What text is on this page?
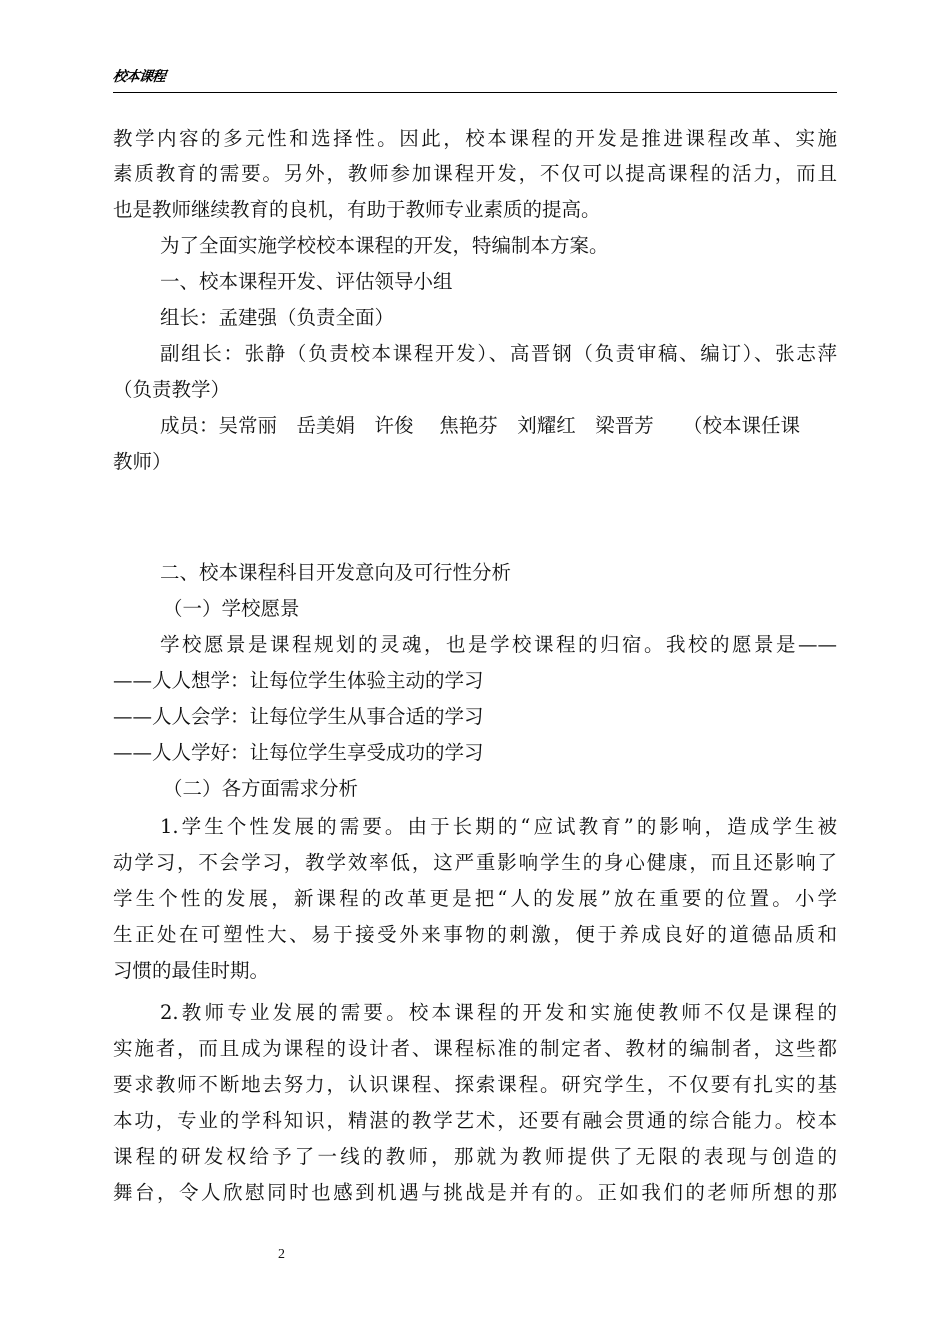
校本课程
教学内容的多元性和选择性。因此，校本课程的开发是推进课程改革、实施
素质教育的需要。另外，教师参加课程开发，不仅可以提高课程的活力，而且
也是教师继续教育的良机，有助于教师专业素质的提高。
为了全面实施学校校本课程的开发，特编制本方案。
一、校本课程开发、评估领导小组
组长：孟建强（负责全面）
副组长：张静（负责校本课程开发）、高晋钢（负责审稿、编订）、张志萍
（负责教学）
成员：吴常丽　岳美娟　许俊　 焦艳芬　刘耀红　梁晋芳　　（校本课任课
教师）
二、校本课程科目开发意向及可行性分析
（一）学校愿景
学校愿景是课程规划的灵魂，也是学校课程的归宿。我校的愿景是——
——人人想学：让每位学生体验主动的学习
——人人会学：让每位学生从事合适的学习
——人人学好：让每位学生享受成功的学习
（二）各方面需求分析
1.学生个性发展的需要。由于长期的“应试教育”的影响，造成学生被
动学习，不会学习，教学效率低，这严重影响学生的身心健康，而且还影响了
学生个性的发展，新课程的改革更是把“人的发展”放在重要的位置。小学
生正处在可塑性大、易于接受外来事物的刺激，便于养成良好的道德品质和
习惯的最佳时期。
2.教师专业发展的需要。校本课程的开发和实施使教师不仅是课程的
实施者，而且成为课程的设计者、课程标准的制定者、教材的编制者，这些都
要求教师不断地去努力，认识课程、探索课程。研究学生，不仅要有扎实的基
本功，专业的学科知识，精湛的教学艺术，还要有融会贯通的综合能力。校本
课程的研发权给予了一线的教师，那就为教师提供了无限的表现与创造的
舞台，令人欣慰同时也感到机遇与挑战是并有的。正如我们的老师所想的那
2
